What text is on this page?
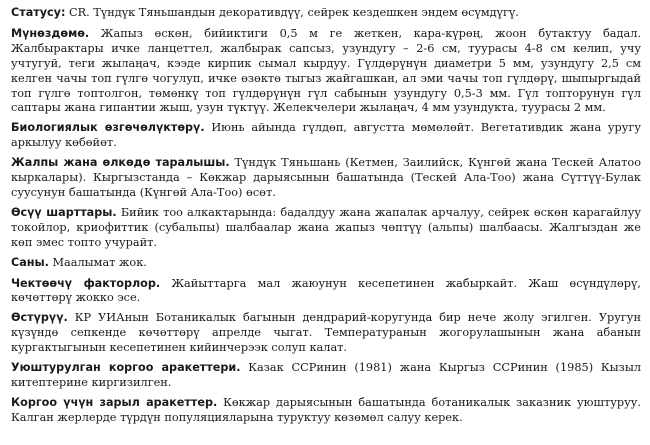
Статусу: CR. Түндүк Тяньшандын декоративдүү, сейрек кездешкен эндем өсүмдүгү.

Мүнөздөмө. Жапыз өскөн, бийиктиги 0,5 м ге жеткен, кара-күрөң, жоон бутактуу бадал. Жалбырактары ичке ланцеттел, жалбырак сапсыз, узундугу – 2-6 см, туурасы 4-8 см келип, учу учтугуй, теги жылаңач, кээде кирпик сымал кырдуу. Гүлдөрүнүн диаметри 5 мм, узундугу 2,5 см келген чачы топ гүлгө чогулуп, ичке өзөктө тыгыз жайгашкан, ал эми чачы топ гүлдөрү, шыпыргыдай топ гүлгө топтолгон, төмөнкү топ гүлдөрүнүн гүл сабынын узундугу 0,5-3 мм. Гүл топторунун гүл саптары жана гипантии жыш, узун түктүү. Желекчелери жылаңач, 4 мм узундукта, туурасы 2 мм.

Биологиялык өзгөчөлүктөрү. Июнь айында гүлдөп, августта мөмөлөйт. Вегетативдик жана уругу аркылуу көбөйөт.

Жалпы жана өлкөдө таралышы. Түндүк Тяньшань (Кетмен, Заилийск, Күнгөй жана Тескей Алатоо кыркалары). Кыргызстанда – Көкжар дарыясынын башатында (Тескей Ала-Тоо) жана Сүттүү-Булак суусунун башатында (Күнгөй Ала-Тоо) өсөт.

Өсүү шарттары. Бийик тоо алкактарында: бадалдуу жана жапалак арчалуу, сейрек өскөн карагайлуу токойлор, криофиттик (субальпы) шалбаалар жана жапыз чөптүү (альпы) шалбаасы. Жалгыздан же көп эмес топто учурайт.

Саны. Маалымат жок.

Чектөөчү факторлор. Жайыттарга мал жаюунун кесепетинен жабыркайт. Жаш өсүндүлөрү, көчөттөрү жокко эсе.

Өстүрүү. КР УИАнын Ботаникалык багынын дендрарий-коругунда бир нече жолу эгилген. Уругун күзүндө сепкенде көчөттөрү апрелде чыгат. Температуранын жогорулашынын жана абанын кургактыгынын кесепетинен кийинчерээк солуп калат.

Уюштурулган коргоо аракеттери. Казак ССРинин (1981) жана Кыргыз ССРинин (1985) Кызыл китептерине киргизилген.

Коргоо үчүн зарыл аракеттер. Көкжар дарыясынын башатында ботаникалык заказник уюштуруу. Калган жерлерде түрдүн популяцияларына туруктуу көзөмөл салуу керек.
